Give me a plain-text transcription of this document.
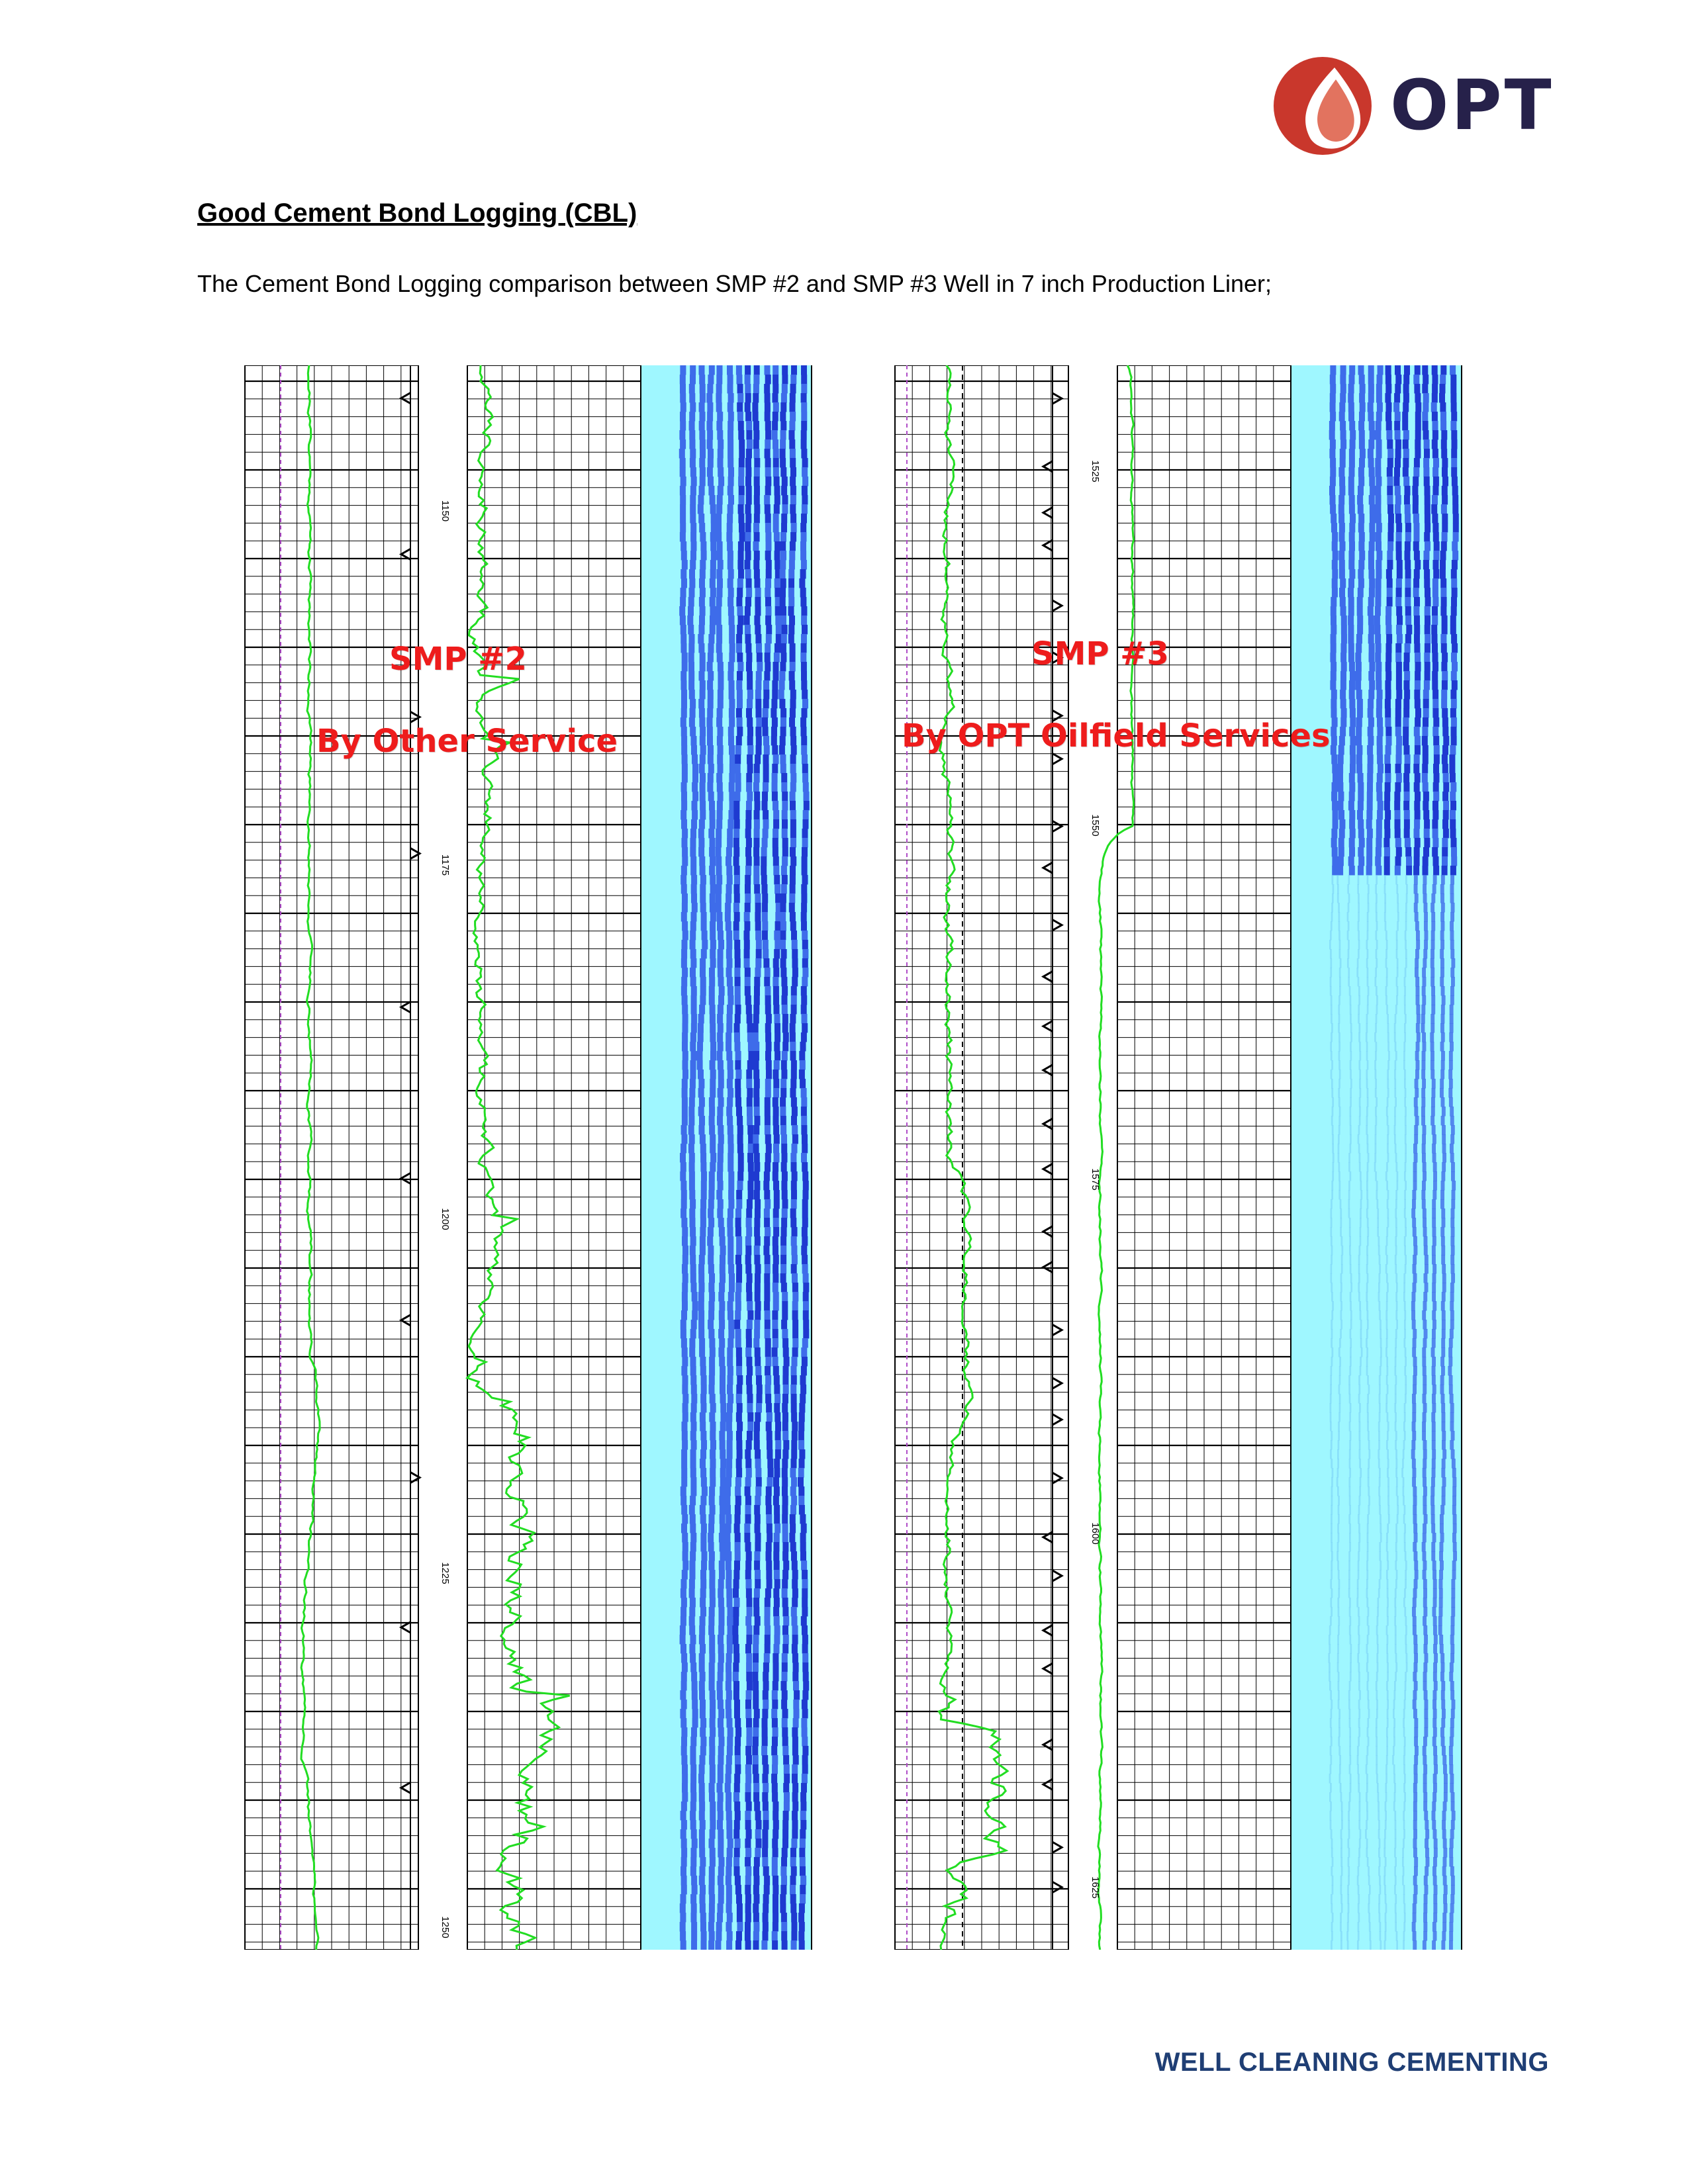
OPT
Good Cement Bond Logging (CBL)
The Cement Bond Logging comparison between SMP #2 and SMP #3 Well in 7 inch Production Liner;
1150
1175
1200
1225
1250
1525
1550
1575
1600
1625
SMP #2
By Other Service
SMP #3
By OPT Oilfield Services
WELL CLEANING CEMENTING
